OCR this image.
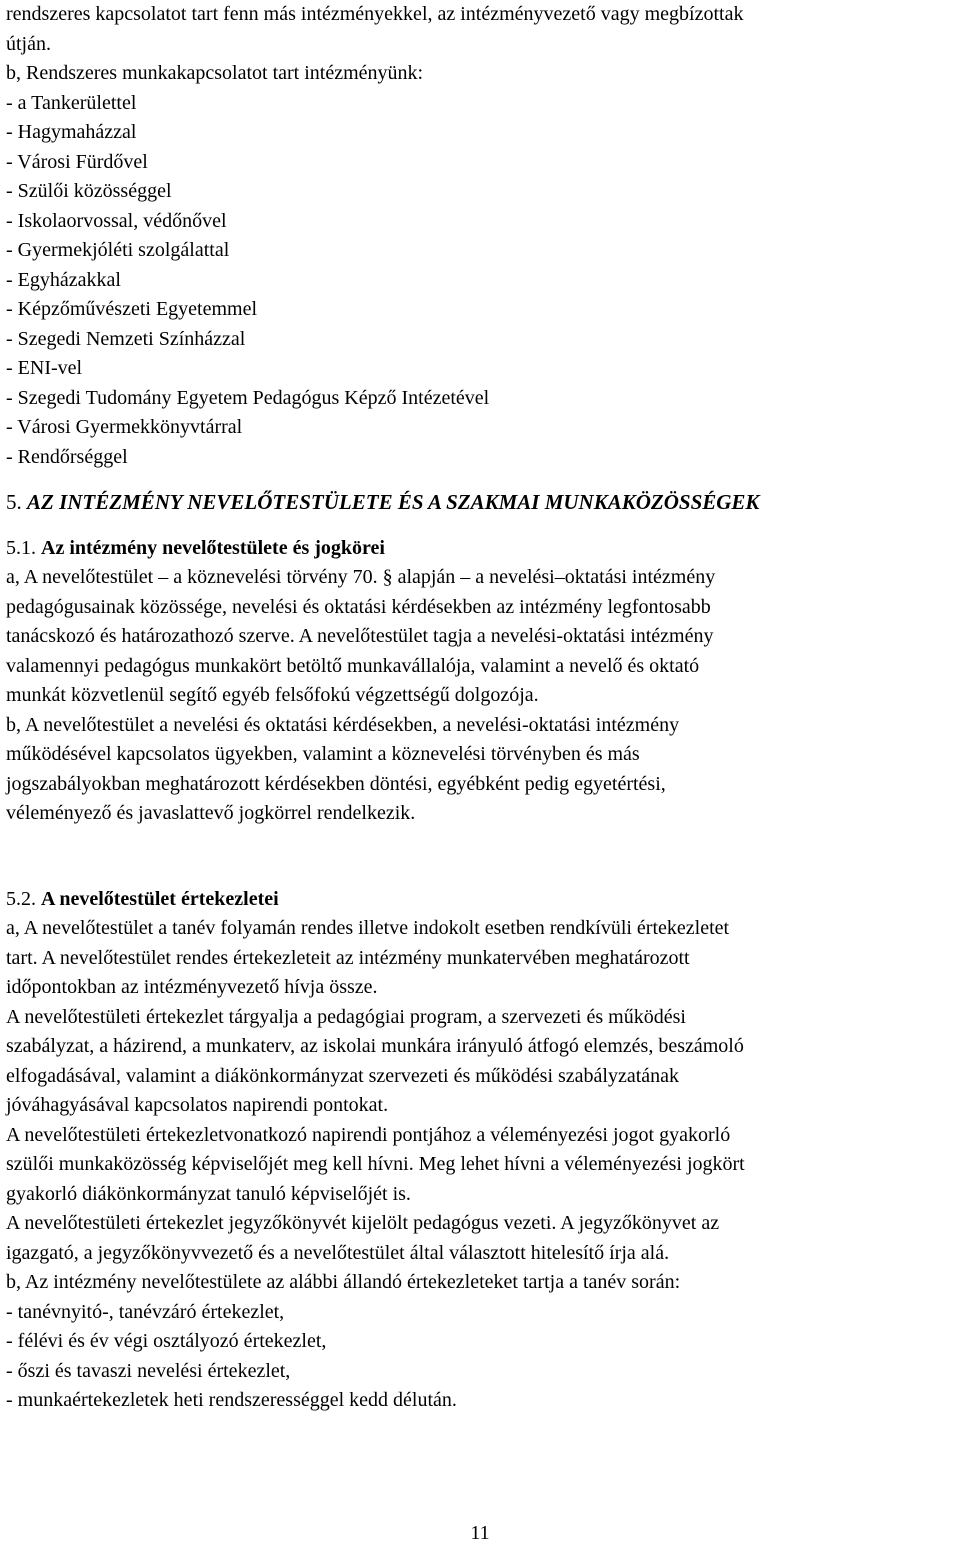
rendszeres kapcsolatot tart fenn más intézményekkel, az intézményvezető vagy megbízottak

útján.

b, Rendszeres munkakapcsolatot tart intézményünk:

- a Tankerülettel

- Hagymaházzal

- Városi Fürdővel

- Szülői közösséggel

- Iskolaorvossal, védőnővel

- Gyermekjóléti szolgálattal

- Egyházakkal

- Képzőművészeti Egyetemmel

- Szegedi Nemzeti Színházzal

- ENI-vel

- Szegedi Tudomány Egyetem Pedagógus Képző Intézetével

- Városi Gyermekkönyvtárral

- Rendőrséggel

5. AZ INTÉZMÉNY NEVELŐTESTÜLETE ÉS A SZAKMAI MUNKAKÖZÖSSÉGEK
5.1. Az intézmény nevelőtestülete és jogkörei

a, A nevelőtestület – a köznevelési törvény 70. § alapján – a nevelési–oktatási intézmény

pedagógusainak közössége, nevelési és oktatási kérdésekben az intézmény legfontosabb

tanácskozó és határozathozó szerve. A nevelőtestület tagja a nevelési-oktatási intézmény

valamennyi pedagógus munkakört betöltő munkavállalója, valamint a nevelő és oktató

munkát közvetlenül segítő egyéb felsőfokú végzettségű dolgozója.

b, A nevelőtestület a nevelési és oktatási kérdésekben, a nevelési-oktatási intézmény

működésével kapcsolatos ügyekben, valamint a köznevelési törvényben és más

jogszabályokban meghatározott kérdésekben döntési, egyébként pedig egyetértési,

véleményező és javaslattevő jogkörrel rendelkezik.

5.2. A nevelőtestület értekezletei

a, A nevelőtestület a tanév folyamán rendes illetve indokolt esetben rendkívüli értekezletet

tart. A nevelőtestület rendes értekezleteit az intézmény munkatervében meghatározott

időpontokban az intézményvezető hívja össze.

A nevelőtestületi értekezlet tárgyalja a pedagógiai program, a szervezeti és működési

szabályzat, a házirend, a munkaterv, az iskolai munkára irányuló átfogó elemzés, beszámoló

elfogadásával, valamint a diákönkormányzat szervezeti és működési szabályzatának

jóváhagyásával kapcsolatos napirendi pontokat.

A nevelőtestületi értekezletvonatkozó napirendi pontjához a véleményezési jogot gyakorló

szülői munkaközösség képviselőjét meg kell hívni. Meg lehet hívni a véleményezési jogkört

gyakorló diákönkormányzat tanuló képviselőjét is.

A nevelőtestületi értekezlet jegyzőkönyvét kijelölt pedagógus vezeti. A jegyzőkönyvet az

igazgató, a jegyzőkönyvvezető és a nevelőtestület által választott hitelesítő írja alá.

b, Az intézmény nevelőtestülete az alábbi állandó értekezleteket tartja a tanév során:

- tanévnyitó-, tanévzáró értekezlet,

- félévi és év végi osztályozó értekezlet,

- őszi és tavaszi nevelési értekezlet,

- munkaértekezletek heti rendszerességgel kedd délután.

11
